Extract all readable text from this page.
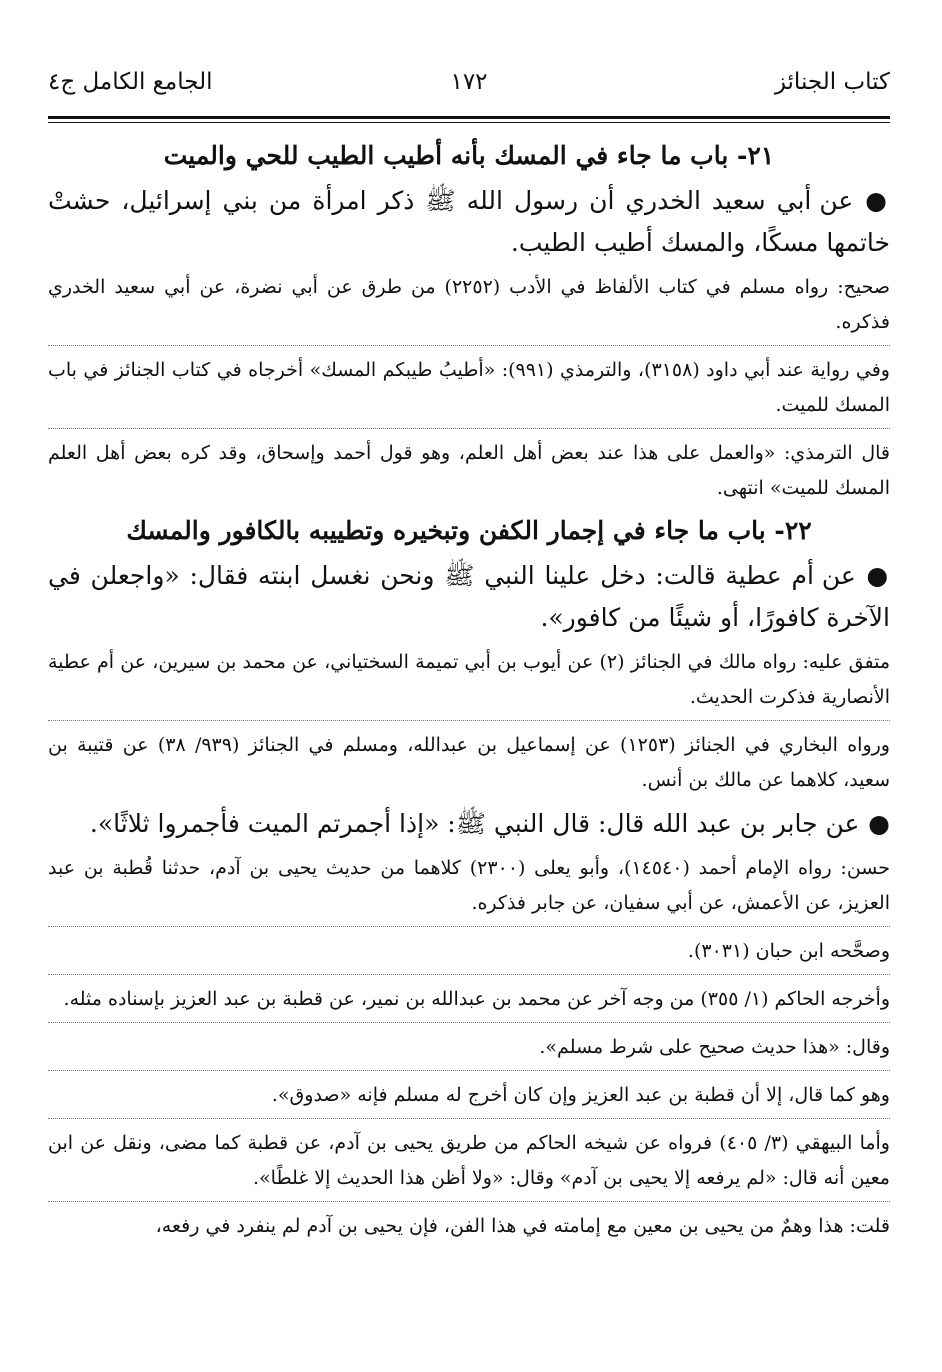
كتاب الجنائز
١٧٢
الجامع الكامل ج٤
٢١- باب ما جاء في المسك بأنه أطيب الطيب للحي والميت
● عن أبي سعيد الخدري أن رسول الله ﷺ ذكر امرأة من بني إسرائيل، حشتْ خاتمها مسكًا، والمسك أطيب الطيب.
صحيح: رواه مسلم في كتاب الألفاظ في الأدب (٢٢٥٢) من طرق عن أبي نضرة، عن أبي سعيد الخدري فذكره.
وفي رواية عند أبي داود (٣١٥٨)، والترمذي (٩٩١): «أطيبُ طيبكم المسك» أخرجاه في كتاب الجنائز في باب المسك للميت.
قال الترمذي: «والعمل على هذا عند بعض أهل العلم، وهو قول أحمد وإسحاق، وقد كره بعض أهل العلم المسك للميت» انتهى.
٢٢- باب ما جاء في إجمار الكفن وتبخيره وتطييبه بالكافور والمسك
● عن أم عطية قالت: دخل علينا النبي ﷺ ونحن نغسل ابنته فقال: «واجعلن في الآخرة كافورًا، أو شيئًا من كافور».
متفق عليه: رواه مالك في الجنائز (٢) عن أيوب بن أبي تميمة السختياني، عن محمد بن سيرين، عن أم عطية الأنصارية فذكرت الحديث.
ورواه البخاري في الجنائز (١٢٥٣) عن إسماعيل بن عبدالله، ومسلم في الجنائز (٩٣٩/ ٣٨) عن قتيبة بن سعيد، كلاهما عن مالك بن أنس.
● عن جابر بن عبد الله قال: قال النبي ﷺ: «إذا أجمرتم الميت فأجمروا ثلاثًا».
حسن: رواه الإمام أحمد (١٤٥٤٠)، وأبو يعلى (٢٣٠٠) كلاهما من حديث يحيى بن آدم، حدثنا قُطبة بن عبد العزيز، عن الأعمش، عن أبي سفيان، عن جابر فذكره.
وصحَّحه ابن حبان (٣٠٣١).
وأخرجه الحاكم (١/ ٣٥٥) من وجه آخر عن محمد بن عبدالله بن نمير، عن قطبة بن عبد العزيز بإسناده مثله.
وقال: «هذا حديث صحيح على شرط مسلم».
وهو كما قال، إلا أن قطبة بن عبد العزيز وإن كان أخرج له مسلم فإنه «صدوق».
وأما البيهقي (٣/ ٤٠٥) فرواه عن شيخه الحاكم من طريق يحيى بن آدم، عن قطبة كما مضى، ونقل عن ابن معين أنه قال: «لم يرفعه إلا يحيى بن آدم» وقال: «ولا أظن هذا الحديث إلا غلطًا».
قلت: هذا وهمٌ من يحيى بن معين مع إمامته في هذا الفن، فإن يحيى بن آدم لم ينفرد في رفعه،
